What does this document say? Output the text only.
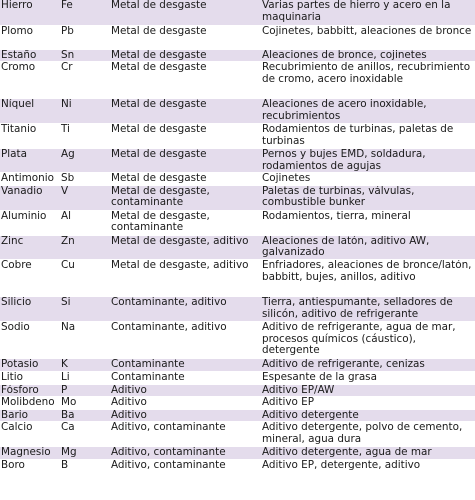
Hierro	Fe	Metal de desgaste	Varias partes de hierro y acero en la maquinaria
Plomo	Pb	Metal de desgaste	Cojinetes, babbitt, aleaciones de bronce
Estaño	Sn	Metal de desgaste	Aleaciones de bronce, cojinetes
Cromo	Cr	Metal de desgaste	Recubrimiento de anillos, recubrimiento de cromo, acero inoxidable
Níquel	Ni	Metal de desgaste	Aleaciones de acero inoxidable, recubrimientos
Titanio	Ti	Metal de desgaste	Rodamientos de turbinas, paletas de turbinas
Plata	Ag	Metal de desgaste	Pernos y bujes EMD, soldadura, rodamientos de agujas
Antimonio	Sb	Metal de desgaste	Cojinetes
Vanadio	V	Metal de desgaste, contaminante	Paletas de turbinas, válvulas, combustible bunker
Aluminio	Al	Metal de desgaste, contaminante	Rodamientos, tierra, mineral
Zinc	Zn	Metal de desgaste, aditivo	Aleaciones de latón, aditivo AW, galvanizado
Cobre	Cu	Metal de desgaste, aditivo	Enfriadores, aleaciones de bronce/latón, babbitt, bujes, anillos, aditivo
Silicio	Si	Contaminante, aditivo	Tierra, antiespumante, selladores de silicón, aditivo de refrigerante
Sodio	Na	Contaminante, aditivo	Aditivo de refrigerante, agua de mar, procesos químicos (cáustico), detergente
Potasio	K	Contaminante	Aditivo de refrigerante, cenizas
Litio	Li	Contaminante	Espesante de la grasa
Fósforo	P	Aditivo	Aditivo EP/AW
Molibdeno	Mo	Aditivo	Aditivo EP
Bario	Ba	Aditivo	Aditivo detergente
Calcio	Ca	Aditivo, contaminante	Aditivo detergente, polvo de cemento, mineral, agua dura
Magnesio	Mg	Aditivo, contaminante	Aditivo detergente, agua de mar
Boro	B	Aditivo, contaminante	Aditivo EP, detergente, aditivo
